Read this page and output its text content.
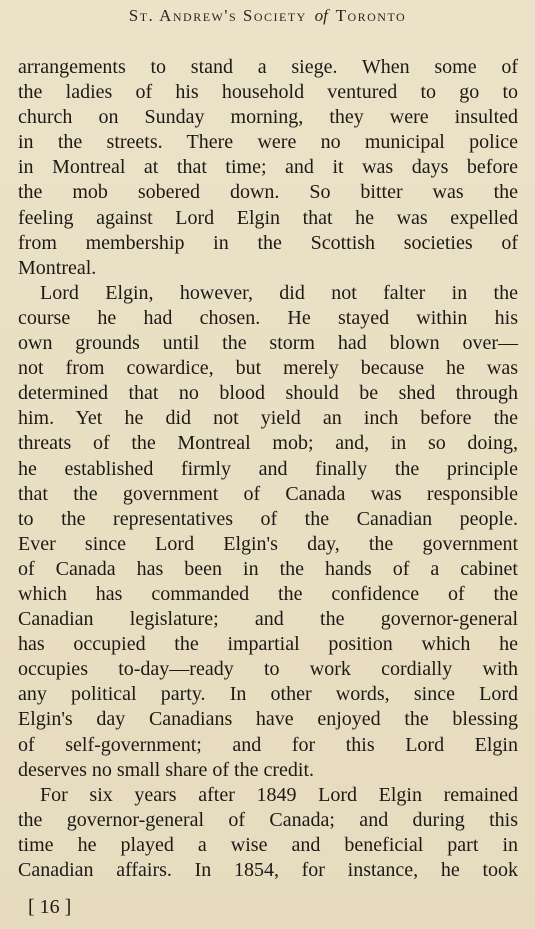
St. Andrew's Society of Toronto
arrangements to stand a siege. When some of
the ladies of his household ventured to go to
church on Sunday morning, they were insulted
in the streets. There were no municipal police
in Montreal at that time; and it was days before
the mob sobered down. So bitter was the
feeling against Lord Elgin that he was expelled
from membership in the Scottish societies of
Montreal.
Lord Elgin, however, did not falter in the
course he had chosen. He stayed within his
own grounds until the storm had blown over—
not from cowardice, but merely because he was
determined that no blood should be shed through
him. Yet he did not yield an inch before the
threats of the Montreal mob; and, in so doing,
he established firmly and finally the principle
that the government of Canada was responsible
to the representatives of the Canadian people.
Ever since Lord Elgin's day, the government
of Canada has been in the hands of a cabinet
which has commanded the confidence of the
Canadian legislature; and the governor-general
has occupied the impartial position which he
occupies to-day—ready to work cordially with
any political party. In other words, since Lord
Elgin's day Canadians have enjoyed the blessing
of self-government; and for this Lord Elgin
deserves no small share of the credit.
For six years after 1849 Lord Elgin remained
the governor-general of Canada; and during this
time he played a wise and beneficial part in
Canadian affairs. In 1854, for instance, he took
[ 16 ]
